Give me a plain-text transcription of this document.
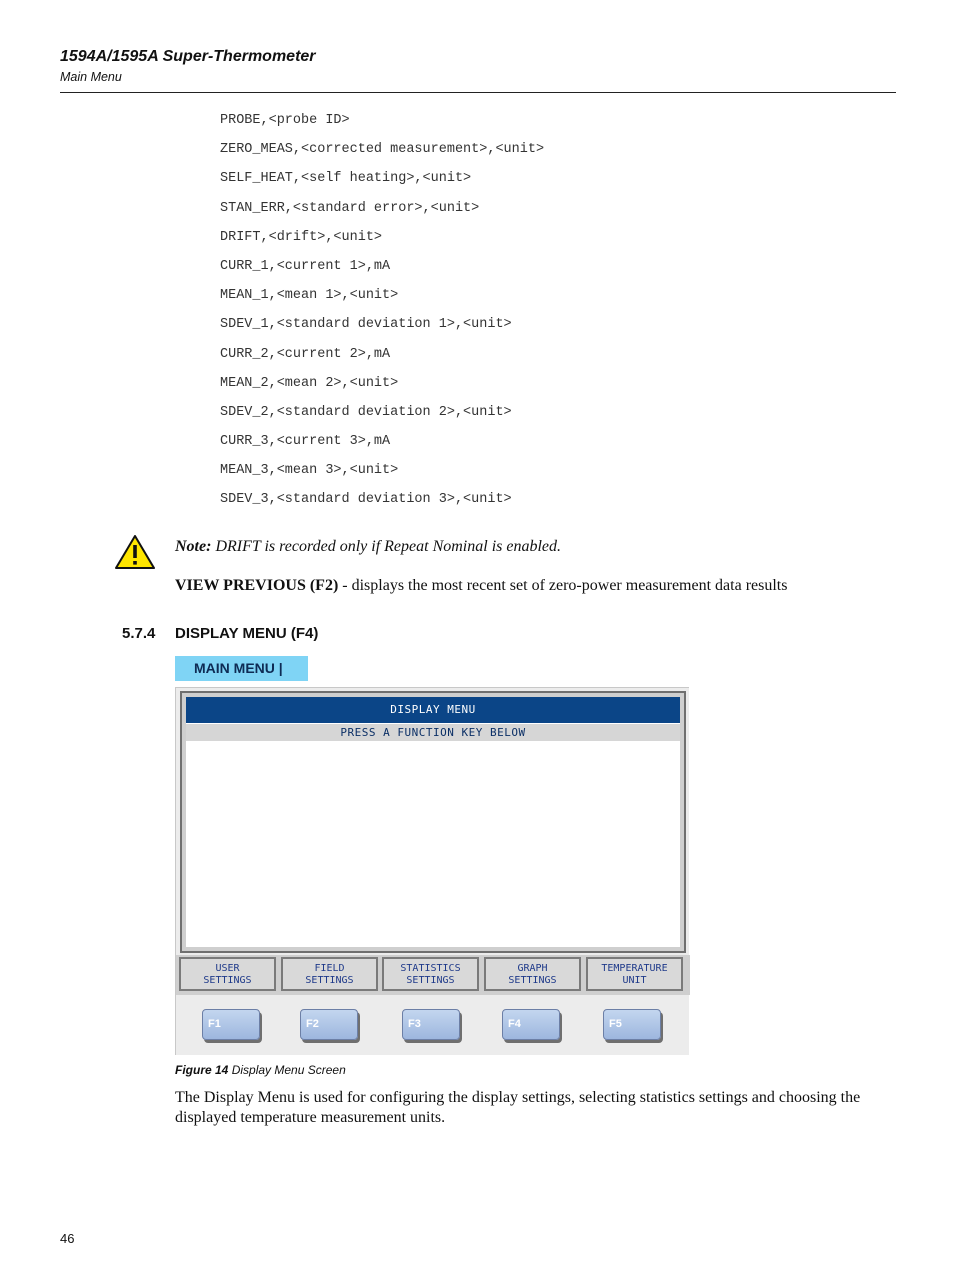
1594A/1595A Super-Thermometer
Main Menu
PROBE,<probe ID>
ZERO_MEAS,<corrected measurement>,<unit>
SELF_HEAT,<self heating>,<unit>
STAN_ERR,<standard error>,<unit>
DRIFT,<drift>,<unit>
CURR_1,<current 1>,mA
MEAN_1,<mean 1>,<unit>
SDEV_1,<standard deviation 1>,<unit>
CURR_2,<current 2>,mA
MEAN_2,<mean 2>,<unit>
SDEV_2,<standard deviation 2>,<unit>
CURR_3,<current 3>,mA
MEAN_3,<mean 3>,<unit>
SDEV_3,<standard deviation 3>,<unit>
Note: DRIFT is recorded only if Repeat Nominal is enabled.
VIEW PREVIOUS (F2) - displays the most recent set of zero-power measurement data results
5.7.4 DISPLAY MENU (F4)
MAIN MENU |
DISPLAY MENU
PRESS A FUNCTION KEY BELOW
USER
SETTINGS
FIELD
SETTINGS
STATISTICS
SETTINGS
GRAPH
SETTINGS
TEMPERATURE
UNIT
F1	F2	F3	F4	F5
Figure 14 Display Menu Screen
The Display Menu is used for configuring the display settings, selecting statistics settings and choosing the displayed temperature measurement units.
46
